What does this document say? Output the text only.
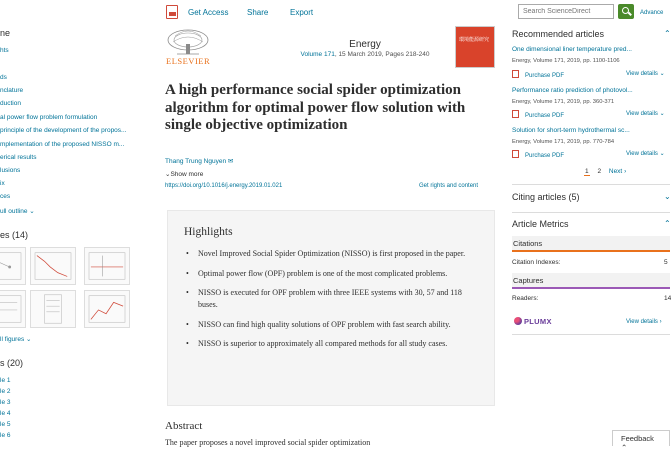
ne
hts
ds
nclature
duction
al power flow problem formulation
principle of the development of the propos...
mplementation of the proposed NISSO m...
erical results
lusions
ix
ces
ull outline ⌄
es (14)
ll figures ⌄
s (20)
le 1
le 2
le 3
le 4
le 5
le 6
Get Access Share	Export
Search ScienceDirect	Advance
ELSEVIER
Energy
Volume 171, 15 March 2019, Pages 218-240
環境能源研究
A high performance social spider optimization algorithm for optimal power flow solution with single objective optimization
Thang Trung Nguyen ✉
⌄Show more
https://doi.org/10.1016/j.energy.2019.01.021	Get rights and content
Highlights
• Novel Improved Social Spider Optimization (NISSO) is first proposed in the paper.
• Optimal power flow (OPF) problem is one of the most complicated problems.
• NISSO is executed for OPF problem with three IEEE systems with 30, 57 and 118 buses.
• NISSO can find high quality solutions of OPF problem with fast search ability.
• NISSO is superior to approximately all compared methods for all study cases.
Abstract
The paper proposes a novel improved social spider optimization
Recommended articles	⌃
One dimensional liner temperature pred...
Energy, Volume 171, 2019, pp. 1100-1106
Purchase PDF	View details ⌄
Performance ratio prediction of photovol...
Energy, Volume 171, 2019, pp. 360-371
Purchase PDF	View details ⌄
Solution for short-term hydrothermal sc...
Energy, Volume 171, 2019, pp. 770-784
Purchase PDF	View details ⌄
1 2 Next ›
Citing articles (5)	⌄
Article Metrics	⌃
Citations
Citation Indexes:	5
Captures
Readers:	14
PLUMX	View details ›
Feedback ⌃
